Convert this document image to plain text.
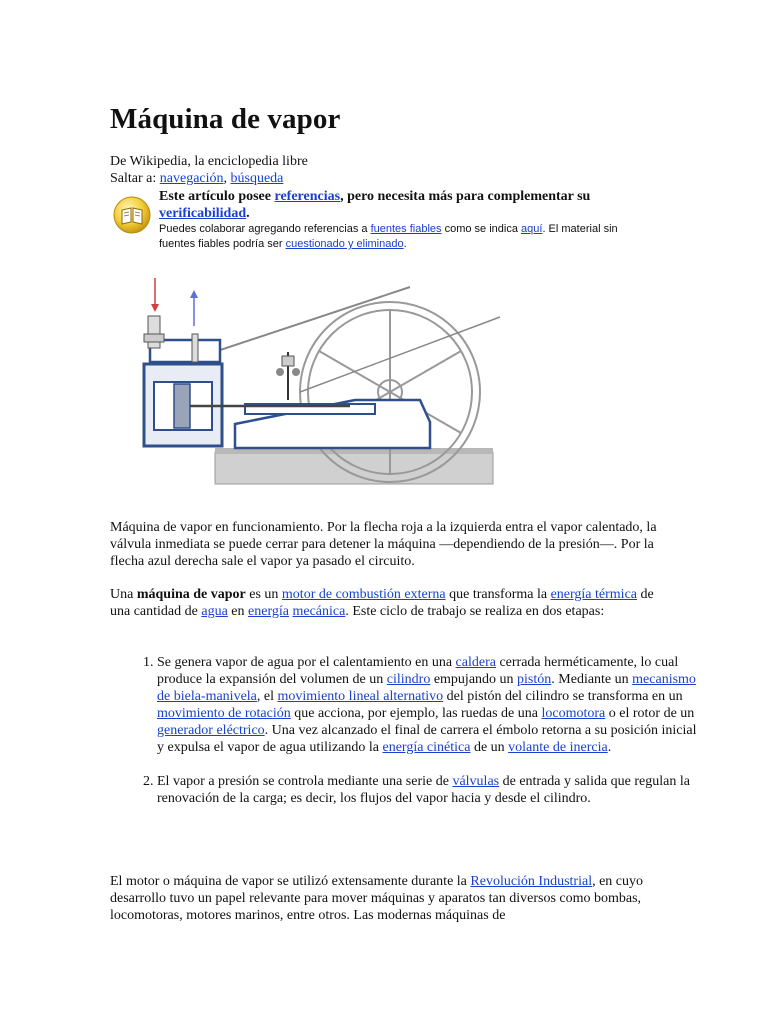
Máquina de vapor
De Wikipedia, la enciclopedia libre
Saltar a: navegación, búsqueda
Este artículo posee referencias, pero necesita más para complementar su verificabilidad.
Puedes colaborar agregando referencias a fuentes fiables como se indica aquí. El material sin fuentes fiables podría ser cuestionado y eliminado.

Máquina de vapor en funcionamiento. Por la flecha roja a la izquierda entra el vapor calentado, la válvula inmediata se puede cerrar para detener la máquina —dependiendo de la presión—. Por la flecha azul derecha sale el vapor ya pasado el circuito.

Una máquina de vapor es un motor de combustión externa que transforma la energía térmica de una cantidad de agua en energía mecánica. Este ciclo de trabajo se realiza en dos etapas:

1. Se genera vapor de agua por el calentamiento en una caldera cerrada herméticamente, lo cual produce la expansión del volumen de un cilindro empujando un pistón. Mediante un mecanismo de biela-manivela, el movimiento lineal alternativo del pistón del cilindro se transforma en un movimiento de rotación que acciona, por ejemplo, las ruedas de una locomotora o el rotor de un generador eléctrico. Una vez alcanzado el final de carrera el émbolo retorna a su posición inicial y expulsa el vapor de agua utilizando la energía cinética de un volante de inercia.
2. El vapor a presión se controla mediante una serie de válvulas de entrada y salida que regulan la renovación de la carga; es decir, los flujos del vapor hacia y desde el cilindro.

El motor o máquina de vapor se utilizó extensamente durante la Revolución Industrial, en cuyo desarrollo tuvo un papel relevante para mover máquinas y aparatos tan diversos como bombas, locomotoras, motores marinos, entre otros. Las modernas máquinas de
